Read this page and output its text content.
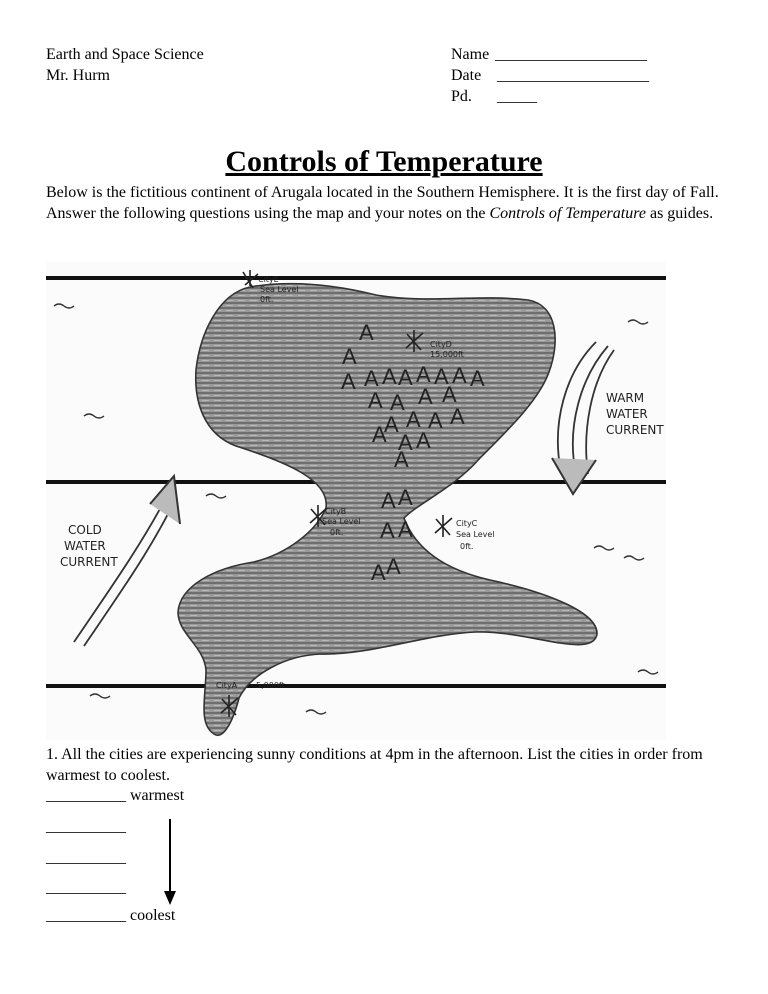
Earth and Space Science
Mr. Hurm
Name ___________________
Date ___________________
Pd.	_____
Controls of Temperature
Below is the fictitious continent of Arugala located in the Southern Hemisphere. It is the first day of Fall. Answer the following questions using the map and your notes on the Controls of Temperature as guides.
A
A
A A A A A A A A
A A A A
A A A A
A A A
A
A A
A A
A A
CityE
Sea Level
0ft.
CityD
15,000ft
CityB
Sea Level
0ft.
CityC
Sea Level
0ft.
CityA 5,000ft.
WARM
WATER
CURRENT
COLD
WATER
CURRENT
1. All the cities are experiencing sunny conditions at 4pm in the afternoon. List the cities in order from warmest to coolest.
__________ warmest
__________
__________
__________
__________ coolest
